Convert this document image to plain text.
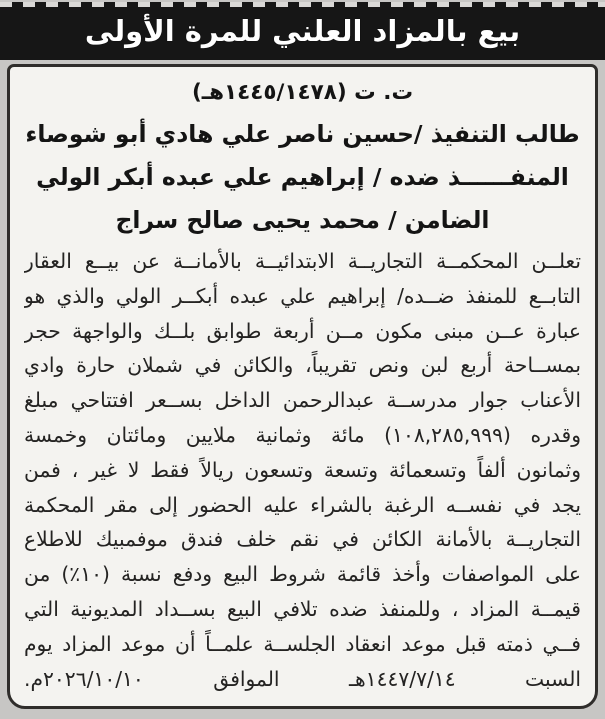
بيع بالمزاد العلني للمرة الأولى
ت. ت (١٤٤٥/١٤٧٨هـ)
طالب التنفيذ /حسين ناصر علي هادي أبو شوصاء
المنفــــــذ ضده / إبراهيم علي عبده أبكر الولي
الضامن / محمد يحيى صالح سراج
تعلــن المحكمــة التجاريــة الابتدائيــة بالأمانــة عن بيــع العقار
التابــع للمنفذ ضــده/ إبراهيم علي عبده أبكــر الولي والذي هو
عبارة عــن مبنى مكون مــن أربعة طوابق بلــك والواجهة حجر
بمســاحة أربع لبن ونص تقريباً، والكائن في شملان حارة وادي
الأعناب جوار مدرســة عبدالرحمن الداخل بســعر افتتاحي مبلغ
وقدره (١٠٨,٢٨٥,٩٩٩) مائة وثمانية ملايين ومائتان وخمسة
وثمانون ألفاً وتسعمائة وتسعة وتسعون ريالاً فقط لا غير ، فمن
يجد في نفســه الرغبة بالشراء عليه الحضور إلى مقر المحكمة
التجاريــة بالأمانة الكائن في نقم خلف فندق موفمبيك للاطلاع
على المواصفات وأخذ قائمة شروط البيع ودفع نسبة (١٠٪) من
قيمــة المزاد ، وللمنفذ ضده تلافي البيع بســداد المديونية التي
فــي ذمته قبل موعد انعقاد الجلســة علمــاً أن موعد المزاد يوم
السبت ١٤٤٧/٧/١٤هـ الموافق ٢٠٢٦/١٠/١٠م.
